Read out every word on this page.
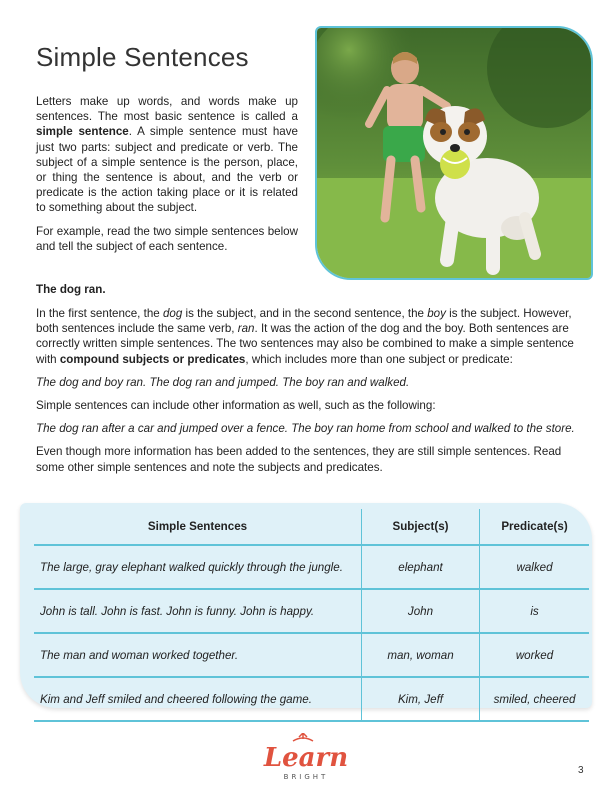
Simple Sentences

Letters make up words, and words make up sentences. The most basic sentence is called a simple sentence. A simple sentence must have just two parts: subject and predicate or verb. The subject of a simple sentence is the person, place, or thing the sentence is about, and the verb or predicate is the action taking place or it is related to something about the subject.

For example, read the two simple sentences below and tell the subject of each sentence.

The dog ran.

In the first sentence, the dog is the subject, and in the second sentence, the boy is the subject. However, both sentences include the same verb, ran. It was the action of the dog and the boy. Both sentences are correctly written simple sentences. The two sentences may also be combined to make a simple sentence with compound subjects or predicates, which includes more than one subject or predicate:

The dog and boy ran. The dog ran and jumped. The boy ran and walked.

Simple sentences can include other information as well, such as the following:

The dog ran after a car and jumped over a fence. The boy ran home from school and walked to the store.

Even though more information has been added to the sentences, they are still simple sentences. Read some other simple sentences and note the subjects and predicates.

Simple Sentences	Subject(s)	Predicate(s)
The large, gray elephant walked quickly through the jungle.	elephant	walked
John is tall. John is fast. John is funny. John is happy.	John	is
The man and woman worked together.	man, woman	worked
Kim and Jeff smiled and cheered following the game.	Kim, Jeff	smiled, cheered
Learn
BRIGHT
3
